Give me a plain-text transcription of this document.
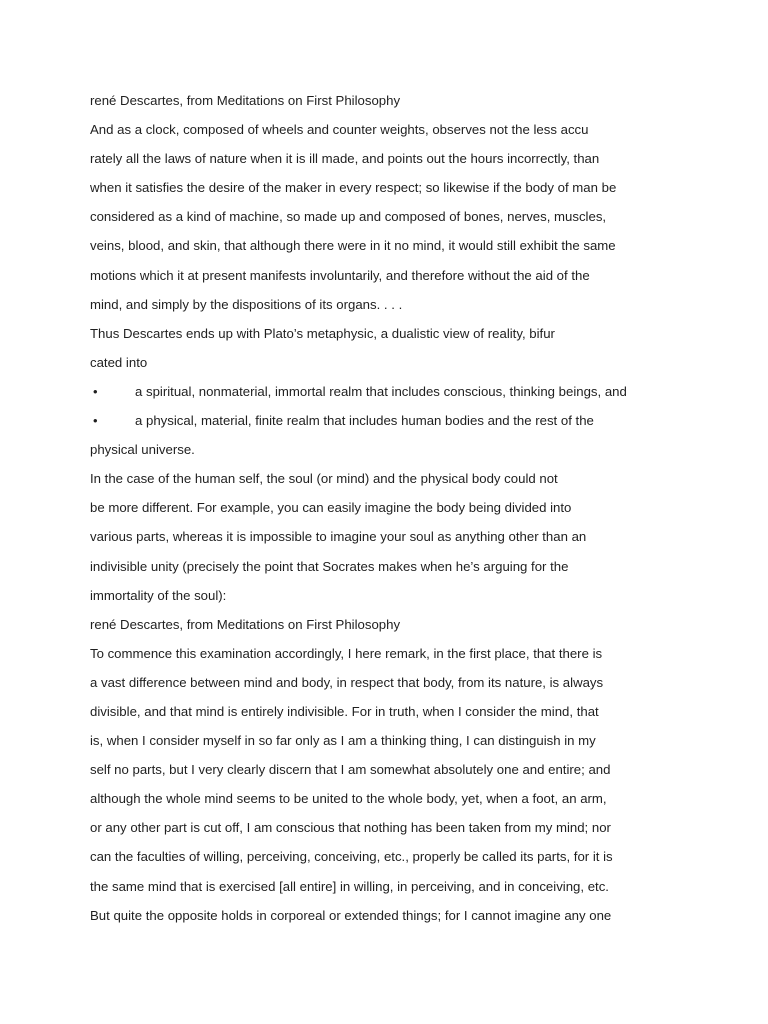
rené Descartes, from Meditations on First Philosophy
And as a clock, composed of wheels and counter weights, observes not the less accu
rately all the laws of nature when it is ill made, and points out the hours incorrectly, than
when it satisfies the desire of the maker in every respect; so likewise if the body of man be
considered as a kind of machine, so made up and composed of bones, nerves, muscles,
veins, blood, and skin, that although there were in it no mind, it would still exhibit the same
motions which it at present manifests involuntarily, and therefore without the aid of the
mind, and simply by the dispositions of its organs. . . .
Thus Descartes ends up with Plato’s metaphysic, a dualistic view of reality, bifur
cated into
•	a spiritual, nonmaterial, immortal realm that includes conscious, thinking beings, and
•	a physical, material, finite realm that includes human bodies and the rest of the
physical universe.
In the case of the human self, the soul (or mind) and the physical body could not
be more different. For example, you can easily imagine the body being divided into
various parts, whereas it is impossible to imagine your soul as anything other than an
indivisible unity (precisely the point that Socrates makes when he’s arguing for the
immortality of the soul):
rené Descartes, from Meditations on First Philosophy
To commence this examination accordingly, I here remark, in the first place, that there is
a vast difference between mind and body, in respect that body, from its nature, is always
divisible, and that mind is entirely indivisible. For in truth, when I consider the mind, that
is, when I consider myself in so far only as I am a thinking thing, I can distinguish in my
self no parts, but I very clearly discern that I am somewhat absolutely one and entire; and
although the whole mind seems to be united to the whole body, yet, when a foot, an arm,
or any other part is cut off, I am conscious that nothing has been taken from my mind; nor
can the faculties of willing, perceiving, conceiving, etc., properly be called its parts, for it is
the same mind that is exercised [all entire] in willing, in perceiving, and in conceiving, etc.
But quite the opposite holds in corporeal or extended things; for I cannot imagine any one
